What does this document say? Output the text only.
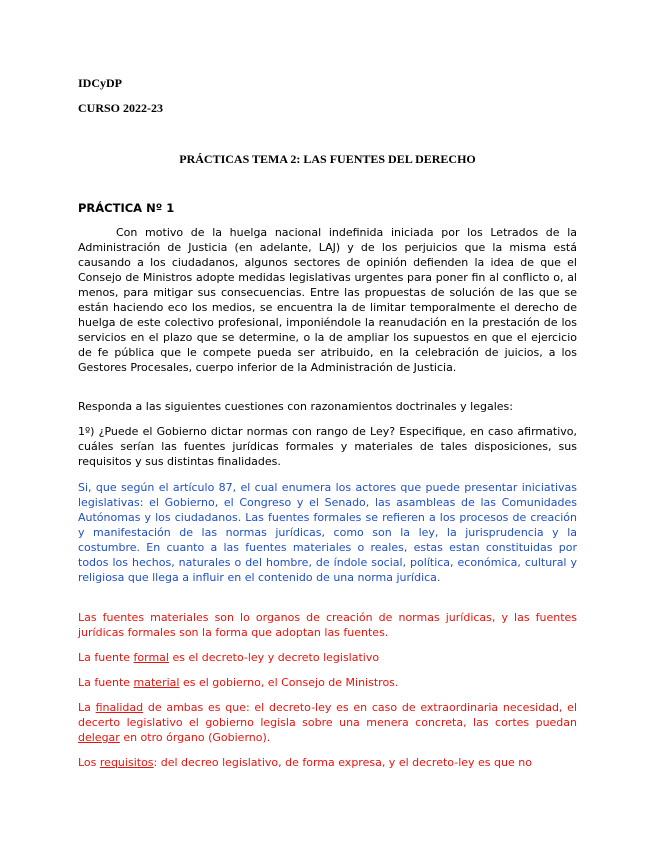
IDCyDP

CURSO 2022-23

PRÁCTICAS TEMA 2: LAS FUENTES DEL DERECHO

PRÁCTICA Nº 1

Con motivo de la huelga nacional indefinida iniciada por los Letrados de la Administración de Justicia (en adelante, LAJ) y de los perjuicios que la misma está causando a los ciudadanos, algunos sectores de opinión defienden la idea de que el Consejo de Ministros adopte medidas legislativas urgentes para poner fin al conflicto o, al menos, para mitigar sus consecuencias. Entre las propuestas de solución de las que se están haciendo eco los medios, se encuentra la de limitar temporalmente el derecho de huelga de este colectivo profesional, imponiéndole la reanudación en la prestación de los servicios en el plazo que se determine, o la de ampliar los supuestos en que el ejercicio de fe pública que le compete pueda ser atribuido, en la celebración de juicios, a los Gestores Procesales, cuerpo inferior de la Administración de Justicia.

Responda a las siguientes cuestiones con razonamientos doctrinales y legales:

1º) ¿Puede el Gobierno dictar normas con rango de Ley? Especifique, en caso afirmativo, cuáles serían las fuentes jurídicas formales y materiales de tales disposiciones, sus requisitos y sus distintas finalidades.

Si, que según el artículo 87, el cual enumera los actores que puede presentar iniciativas legislativas: el Gobierno, el Congreso y el Senado, las asambleas de las Comunidades Autónomas y los ciudadanos. Las fuentes formales se refieren a los procesos de creación y manifestación de las normas jurídicas, como son la ley, la jurisprudencia y la costumbre. En cuanto a las fuentes materiales o reales, estas estan constituidas por todos los hechos, naturales o del hombre, de índole social, política, económica, cultural y religiosa que llega a influir en el contenido de una norma jurídica.

Las fuentes materiales son lo organos de creación de normas jurídicas, y las fuentes jurídicas formales son la forma que adoptan las fuentes.

La fuente formal es el decreto-ley y decreto legislativo

La fuente material es el gobierno, el Consejo de Ministros.

La finalidad de ambas es que: el decreto-ley es en caso de extraordinaria necesidad, el decerto legislativo el gobierno legisla sobre una menera concreta, las cortes puedan delegar en otro órgano (Gobierno).

Los requisitos: del decreo legislativo, de forma expresa, y el decreto-ley es que no
